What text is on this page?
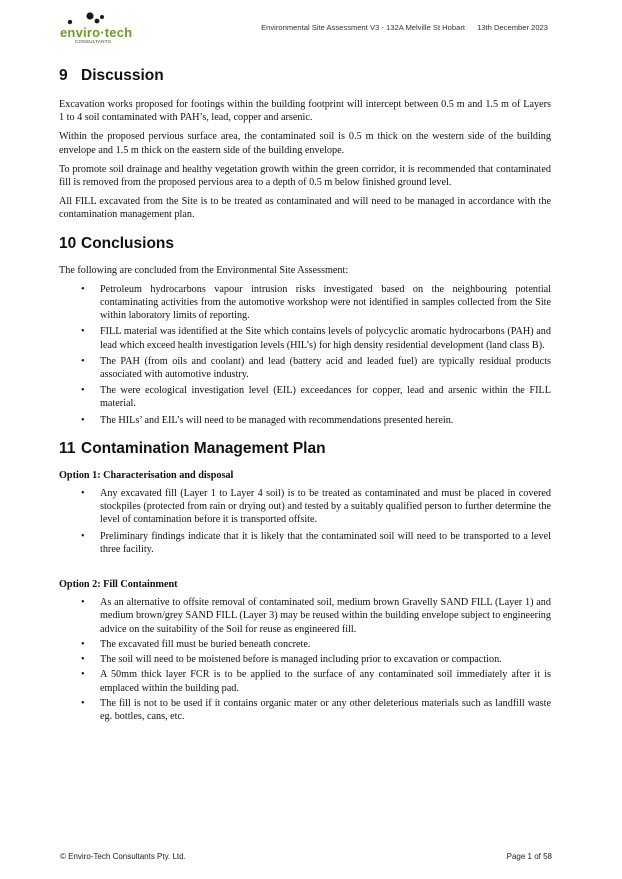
enviro·tech
CONSULTANTS
Environmental Site Assessment V3 - 132A Melville St Hobart 13th December 2023
9 Discussion

Excavation works proposed for footings within the building footprint will intercept between 0.5 m and 1.5 m of Layers 1 to 4 soil contaminated with PAH’s, lead, copper and arsenic.

Within the proposed pervious surface area, the contaminated soil is 0.5 m thick on the western side of the building envelope and 1.5 m thick on the eastern side of the building envelope.

To promote soil drainage and healthy vegetation growth within the green corridor, it is recommended that contaminated fill is removed from the proposed pervious area to a depth of 0.5 m below finished ground level.

All FILL excavated from the Site is to be treated as contaminated and will need to be managed in accordance with the contamination management plan.

10 Conclusions

The following are concluded from the Environmental Site Assessment:

• Petroleum hydrocarbons vapour intrusion risks investigated based on the neighbouring potential contaminating activities from the automotive workshop were not identified in samples collected from the Site within laboratory limits of reporting.
• FILL material was identified at the Site which contains levels of polycyclic aromatic hydrocarbons (PAH) and lead which exceed health investigation levels (HIL’s) for high density residential development (land class B).
• The PAH (from oils and coolant) and lead (battery acid and leaded fuel) are typically residual products associated with automotive industry.
• The were ecological investigation level (EIL) exceedances for copper, lead and arsenic within the FILL material.
• The HILs’ and EIL’s will need to be managed with recommendations presented herein.
11 Contamination Management Plan

Option 1: Characterisation and disposal

• Any excavated fill (Layer 1 to Layer 4 soil) is to be treated as contaminated and must be placed in covered stockpiles (protected from rain or drying out) and tested by a suitably qualified person to further determine the level of contamination before it is transported offsite.
• Preliminary findings indicate that it is likely that the contaminated soil will need to be transported to a level three facility.

Option 2: Fill Containment

• As an alternative to offsite removal of contaminated soil, medium brown Gravelly SAND FILL (Layer 1) and medium brown/grey SAND FILL (Layer 3) may be reused within the building envelope subject to engineering advice on the suitability of the Soil for reuse as engineered fill.
• The excavated fill must be buried beneath concrete.
• The soil will need to be moistened before is managed including prior to excavation or compaction.
• A 50mm thick layer FCR is to be applied to the surface of any contaminated soil immediately after it is emplaced within the building pad.
• The fill is not to be used if it contains organic mater or any other deleterious materials such as landfill waste eg. bottles, cans, etc.
© Enviro-Tech Consultants Pty. Ltd.	Page 1 of 58
